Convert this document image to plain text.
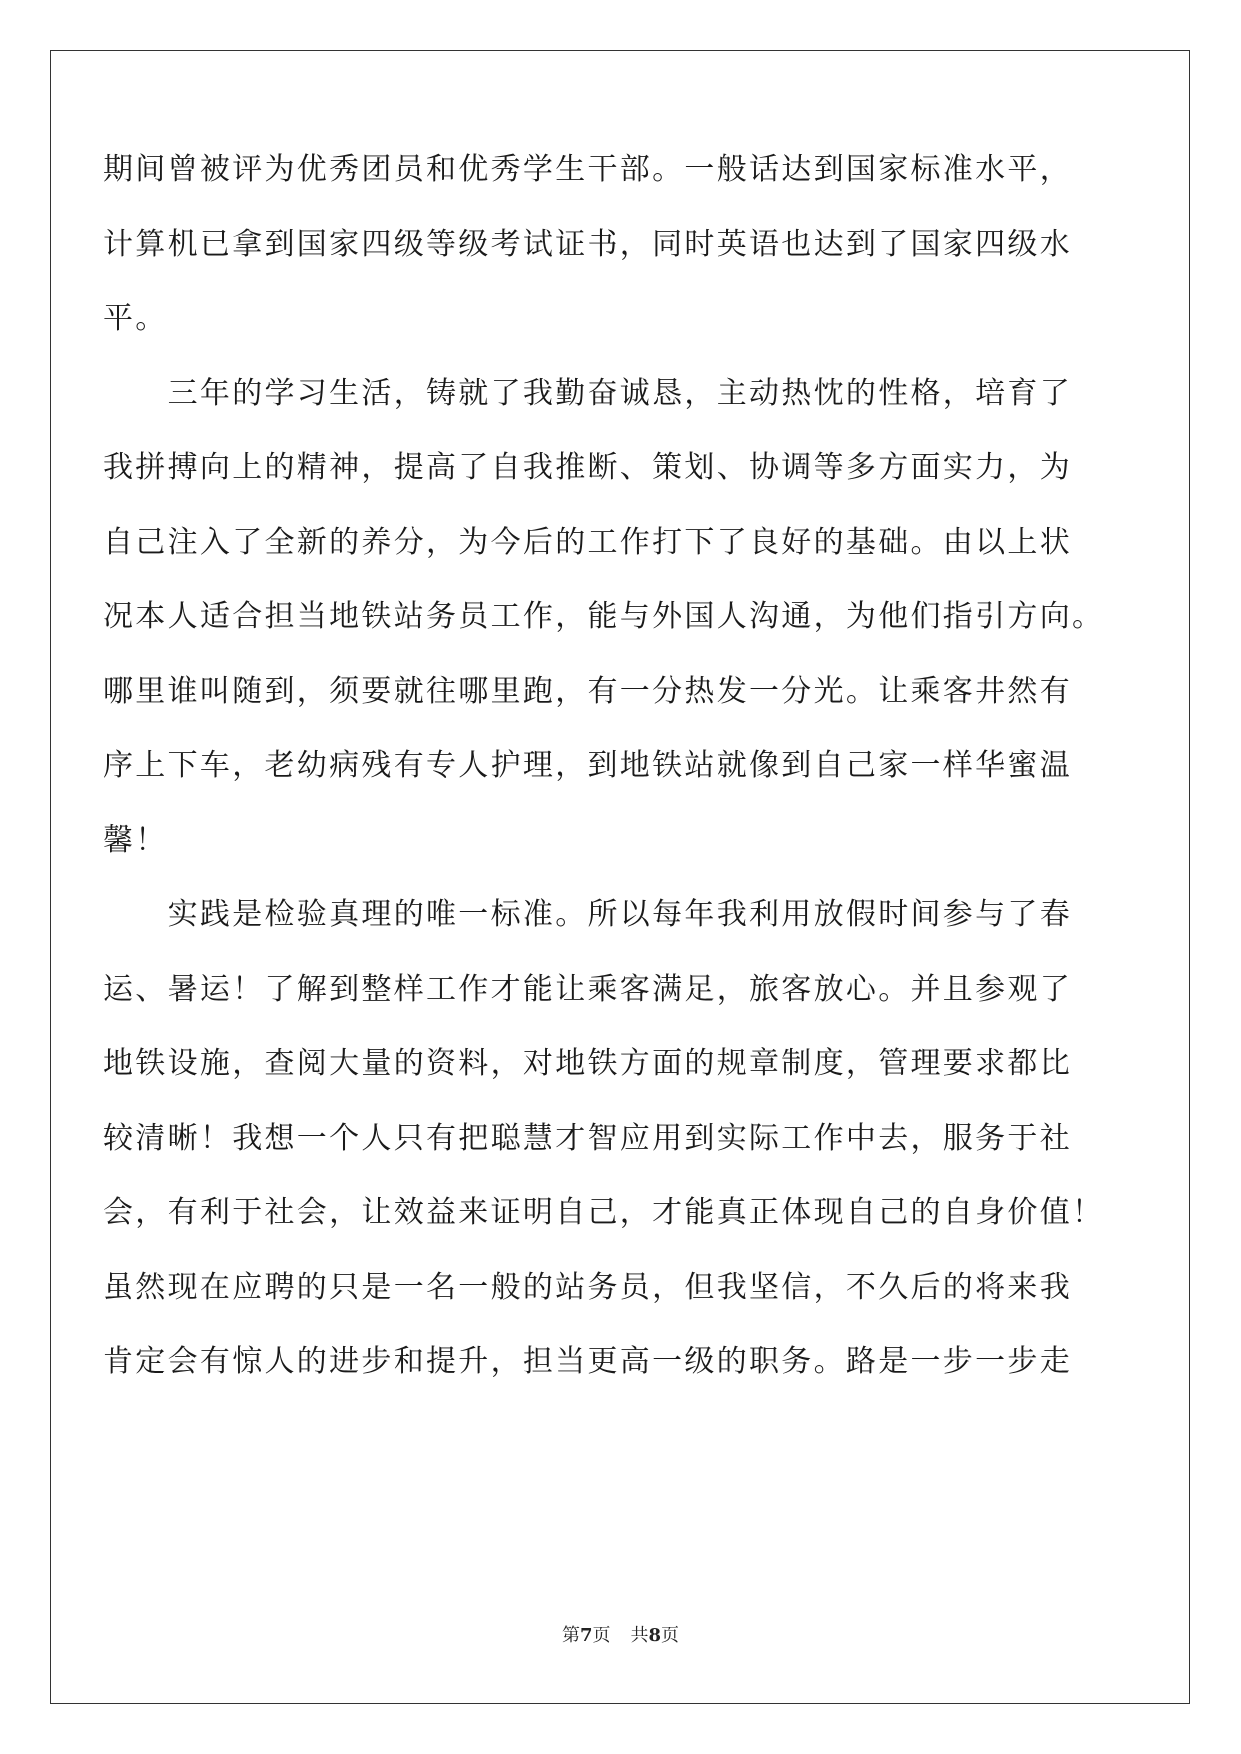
期间曾被评为优秀团员和优秀学生干部。一般话达到国家标准水平，
计算机已拿到国家四级等级考试证书，同时英语也达到了国家四级水
平。
　　三年的学习生活，铸就了我勤奋诚恳，主动热忱的性格，培育了
我拼搏向上的精神，提高了自我推断、策划、协调等多方面实力，为
自己注入了全新的养分，为今后的工作打下了良好的基础。由以上状
况本人适合担当地铁站务员工作，能与外国人沟通，为他们指引方向。
哪里谁叫随到，须要就往哪里跑，有一分热发一分光。让乘客井然有
序上下车，老幼病残有专人护理，到地铁站就像到自己家一样华蜜温
馨！
　　实践是检验真理的唯一标准。所以每年我利用放假时间参与了春
运、暑运！了解到整样工作才能让乘客满足，旅客放心。并且参观了
地铁设施，查阅大量的资料，对地铁方面的规章制度，管理要求都比
较清晰！我想一个人只有把聪慧才智应用到实际工作中去，服务于社
会，有利于社会，让效益来证明自己，才能真正体现自己的自身价值！
虽然现在应聘的只是一名一般的站务员，但我坚信，不久后的将来我
肯定会有惊人的进步和提升，担当更高一级的职务。路是一步一步走
第7页 共8页
